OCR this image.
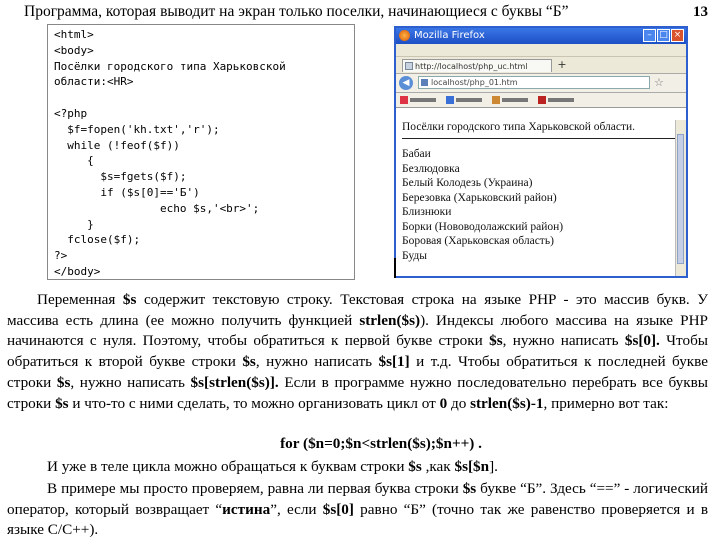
Программа, которая выводит на экран только поселки, начинающиеся с буквы “Б”	13
<html>
<body>
Посёлки городского типа Харьковской
области:<HR>
<?php
$f=fopen('kh.txt','r');
while (!feof($f))
{
$s=fgets($f);
if ($s[0]=='Б')
echo $s,'<br>';
}
fclose($f);
?>
</body>
Mozilla Firefox	– □ ×
http://localhost/php_uc.html	+
◀	localhost/php_01.htm	☆
Посёлки городского типа Харьковской области.
Бабаи
Безлюдовка
Белый Колодезь (Украина)
Березовка (Харьковский район)
Близнюки
Борки (Нововодолажский район)
Боровая (Харьковская область)
Буды
Переменная $s содержит текстовую строку. Текстовая строка на языке PHP - это массив букв. У массива есть длина (ее можно получить функцией strlen($s)). Индексы любого массива на языке PHP начинаются с нуля. Поэтому, чтобы обратиться к первой букве строки $s, нужно написать $s[0]. Чтобы обратиться к второй букве строки $s, нужно написать $s[1] и т.д. Чтобы обратиться к последней букве строки $s, нужно написать $s[strlen($s)]. Если в программе нужно последовательно перебрать все буквы строки $s и что-то с ними сделать, то можно организовать цикл от 0 до strlen($s)-1, примерно вот так:
for ($n=0;$n<strlen($s);$n++) .
И уже в теле цикла можно обращаться к буквам строки $s ,как $s[$n].
В примере мы просто проверяем, равна ли первая буква строки $s букве “Б”. Здесь “==” - логический оператор, который возвращает “истина”, если $s[0] равно “Б” (точно так же равенство проверяется и в языке С/С++).
